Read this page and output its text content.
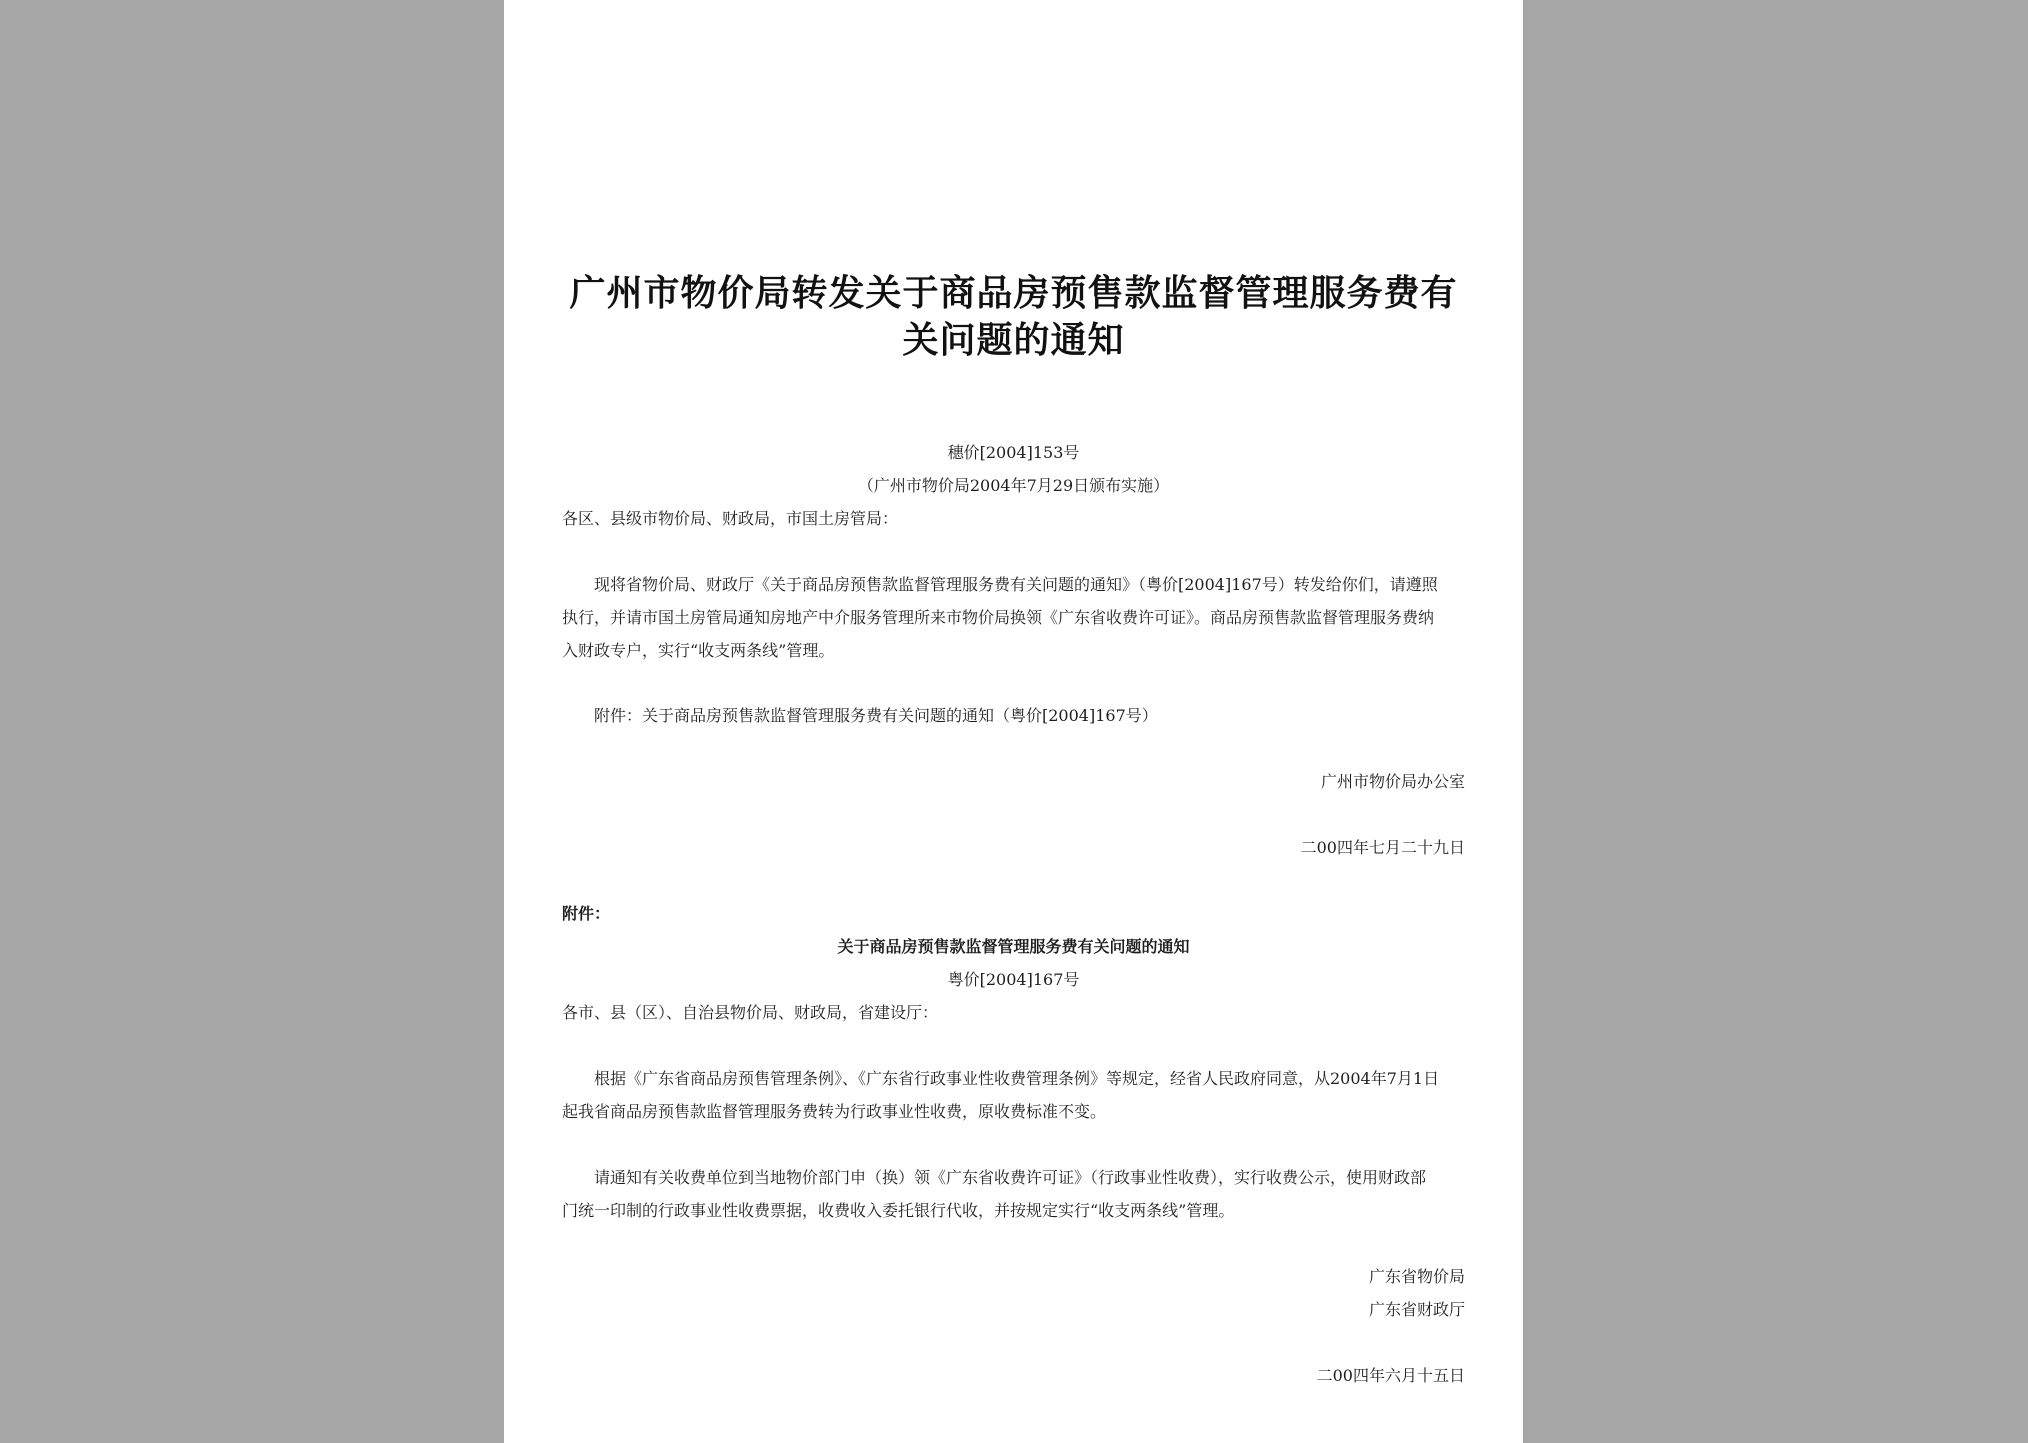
广州市物价局转发关于商品房预售款监督管理服务费有
关问题的通知
穗价[2004]153号
（广州市物价局2004年7月29日颁布实施）
各区、县级市物价局、财政局，市国土房管局：
现将省物价局、财政厅《关于商品房预售款监督管理服务费有关问题的通知》（粤价[2004]167号）转发给你们，请遵照
执行，并请市国土房管局通知房地产中介服务管理所来市物价局换领《广东省收费许可证》。商品房预售款监督管理服务费纳
入财政专户，实行“收支两条线”管理。
附件：关于商品房预售款监督管理服务费有关问题的通知（粤价[2004]167号）
广州市物价局办公室
二00四年七月二十九日
附件：
关于商品房预售款监督管理服务费有关问题的通知
粤价[2004]167号
各市、县（区）、自治县物价局、财政局，省建设厅：
根据《广东省商品房预售管理条例》、《广东省行政事业性收费管理条例》等规定，经省人民政府同意，从2004年7月1日
起我省商品房预售款监督管理服务费转为行政事业性收费，原收费标准不变。
请通知有关收费单位到当地物价部门申（换）领《广东省收费许可证》（行政事业性收费），实行收费公示，使用财政部
门统一印制的行政事业性收费票据，收费收入委托银行代收，并按规定实行“收支两条线”管理。
广东省物价局
广东省财政厅
二00四年六月十五日
